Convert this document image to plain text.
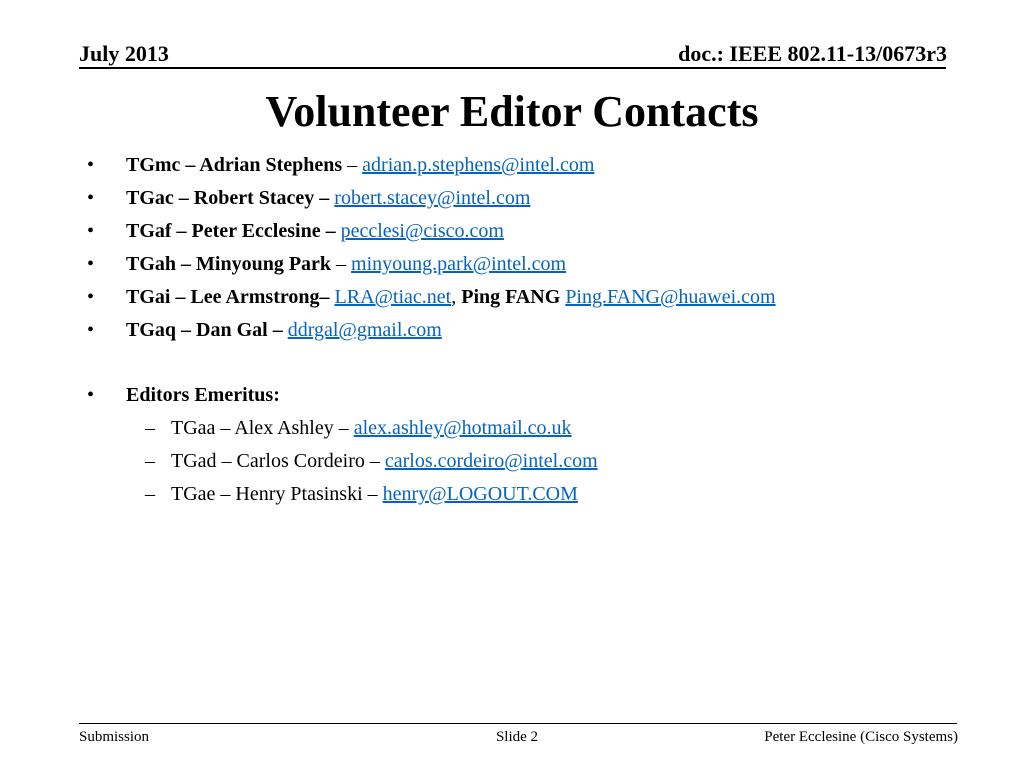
July 2013	doc.: IEEE 802.11-13/0673r3
Volunteer Editor Contacts
• TGmc – Adrian Stephens – adrian.p.stephens@intel.com
• TGac – Robert Stacey – robert.stacey@intel.com
• TGaf – Peter Ecclesine – pecclesi@cisco.com
• TGah – Minyoung Park – minyoung.park@intel.com
• TGai – Lee Armstrong– LRA@tiac.net, Ping FANG Ping.FANG@huawei.com
• TGaq – Dan Gal – ddrgal@gmail.com
• Editors Emeritus:
– TGaa – Alex Ashley – alex.ashley@hotmail.co.uk
– TGad – Carlos Cordeiro – carlos.cordeiro@intel.com
– TGae – Henry Ptasinski – henry@LOGOUT.COM
Submission	Slide 2	Peter Ecclesine (Cisco Systems)
